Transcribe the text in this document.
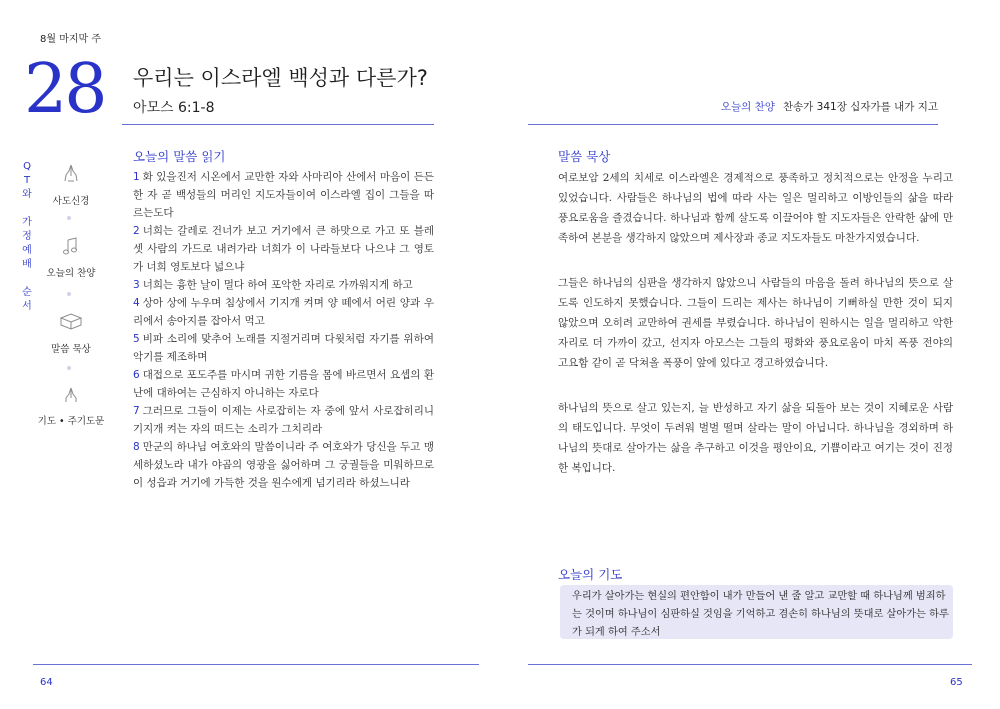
8월 마지막 주
28	우리는 이스라엘 백성과 다른가?
아모스 6:1-8	오늘의 찬양 찬송가 341장 십자가를 내가 지고
Q
T
와
가
정
예
배
순
서
사도신경
오늘의 찬양
말씀 묵상
기도 • 주기도문
오늘의 말씀 읽기

1 화 있을진저 시온에서 교만한 자와 사마리아 산에서 마음이 든든한 자 곧 백성들의 머리인 지도자들이여 이스라엘 집이 그들을 따르는도다

2 너희는 갈레로 건너가 보고 거기에서 큰 하맛으로 가고 또 블레셋 사람의 가드로 내려가라 너희가 이 나라들보다 나으냐 그 영토가 너희 영토보다 넓으냐

3 너희는 흉한 날이 멀다 하여 포악한 자리로 가까워지게 하고

4 상아 상에 누우며 침상에서 기지개 켜며 양 떼에서 어린 양과 우리에서 송아지를 잡아서 먹고

5 비파 소리에 맞추어 노래를 지절거리며 다윗처럼 자기를 위하여 악기를 제조하며

6 대접으로 포도주를 마시며 귀한 기름을 몸에 바르면서 요셉의 환난에 대하여는 근심하지 아니하는 자로다

7 그러므로 그들이 이제는 사로잡히는 자 중에 앞서 사로잡히리니 기지개 켜는 자의 떠드는 소리가 그치리라

8 만군의 하나님 여호와의 말씀이니라 주 여호와가 당신을 두고 맹세하셨노라 내가 야곱의 영광을 싫어하며 그 궁궐들을 미워하므로 이 성읍과 거기에 가득한 것을 원수에게 넘기리라 하셨느니라

말씀 묵상

여로보암 2세의 치세로 이스라엘은 경제적으로 풍족하고 정치적으로는 안정을 누리고 있었습니다. 사람들은 하나님의 법에 따라 사는 일은 멀리하고 이방인들의 삶을 따라 풍요로움을 즐겼습니다. 하나님과 함께 살도록 이끌어야 할 지도자들은 안락한 삶에 만족하여 본분을 생각하지 않았으며 제사장과 종교 지도자들도 마찬가지였습니다.

그들은 하나님의 심판을 생각하지 않았으니 사람들의 마음을 돌려 하나님의 뜻으로 살도록 인도하지 못했습니다. 그들이 드리는 제사는 하나님이 기뻐하실 만한 것이 되지 않았으며 오히려 교만하여 권세를 부렸습니다. 하나님이 원하시는 일을 멀리하고 악한 자리로 더 가까이 갔고, 선지자 아모스는 그들의 평화와 풍요로움이 마치 폭풍 전야의 고요함 같이 곧 닥쳐올 폭풍이 앞에 있다고 경고하였습니다.

하나님의 뜻으로 살고 있는지, 늘 반성하고 자기 삶을 되돌아 보는 것이 지혜로운 사람의 태도입니다. 무엇이 두려워 벌벌 떨며 살라는 말이 아닙니다. 하나님을 경외하며 하나님의 뜻대로 살아가는 삶을 추구하고 이것을 평안이요, 기쁨이라고 여기는 것이 진정한 복입니다.

오늘의 기도
우리가 살아가는 현실의 편안함이 내가 만들어 낸 줄 알고 교만할 때 하나님께 범죄하는 것이며 하나님이 심판하실 것임을 기억하고 겸손히 하나님의 뜻대로 살아가는 하루가 되게 하여 주소서
64	65
